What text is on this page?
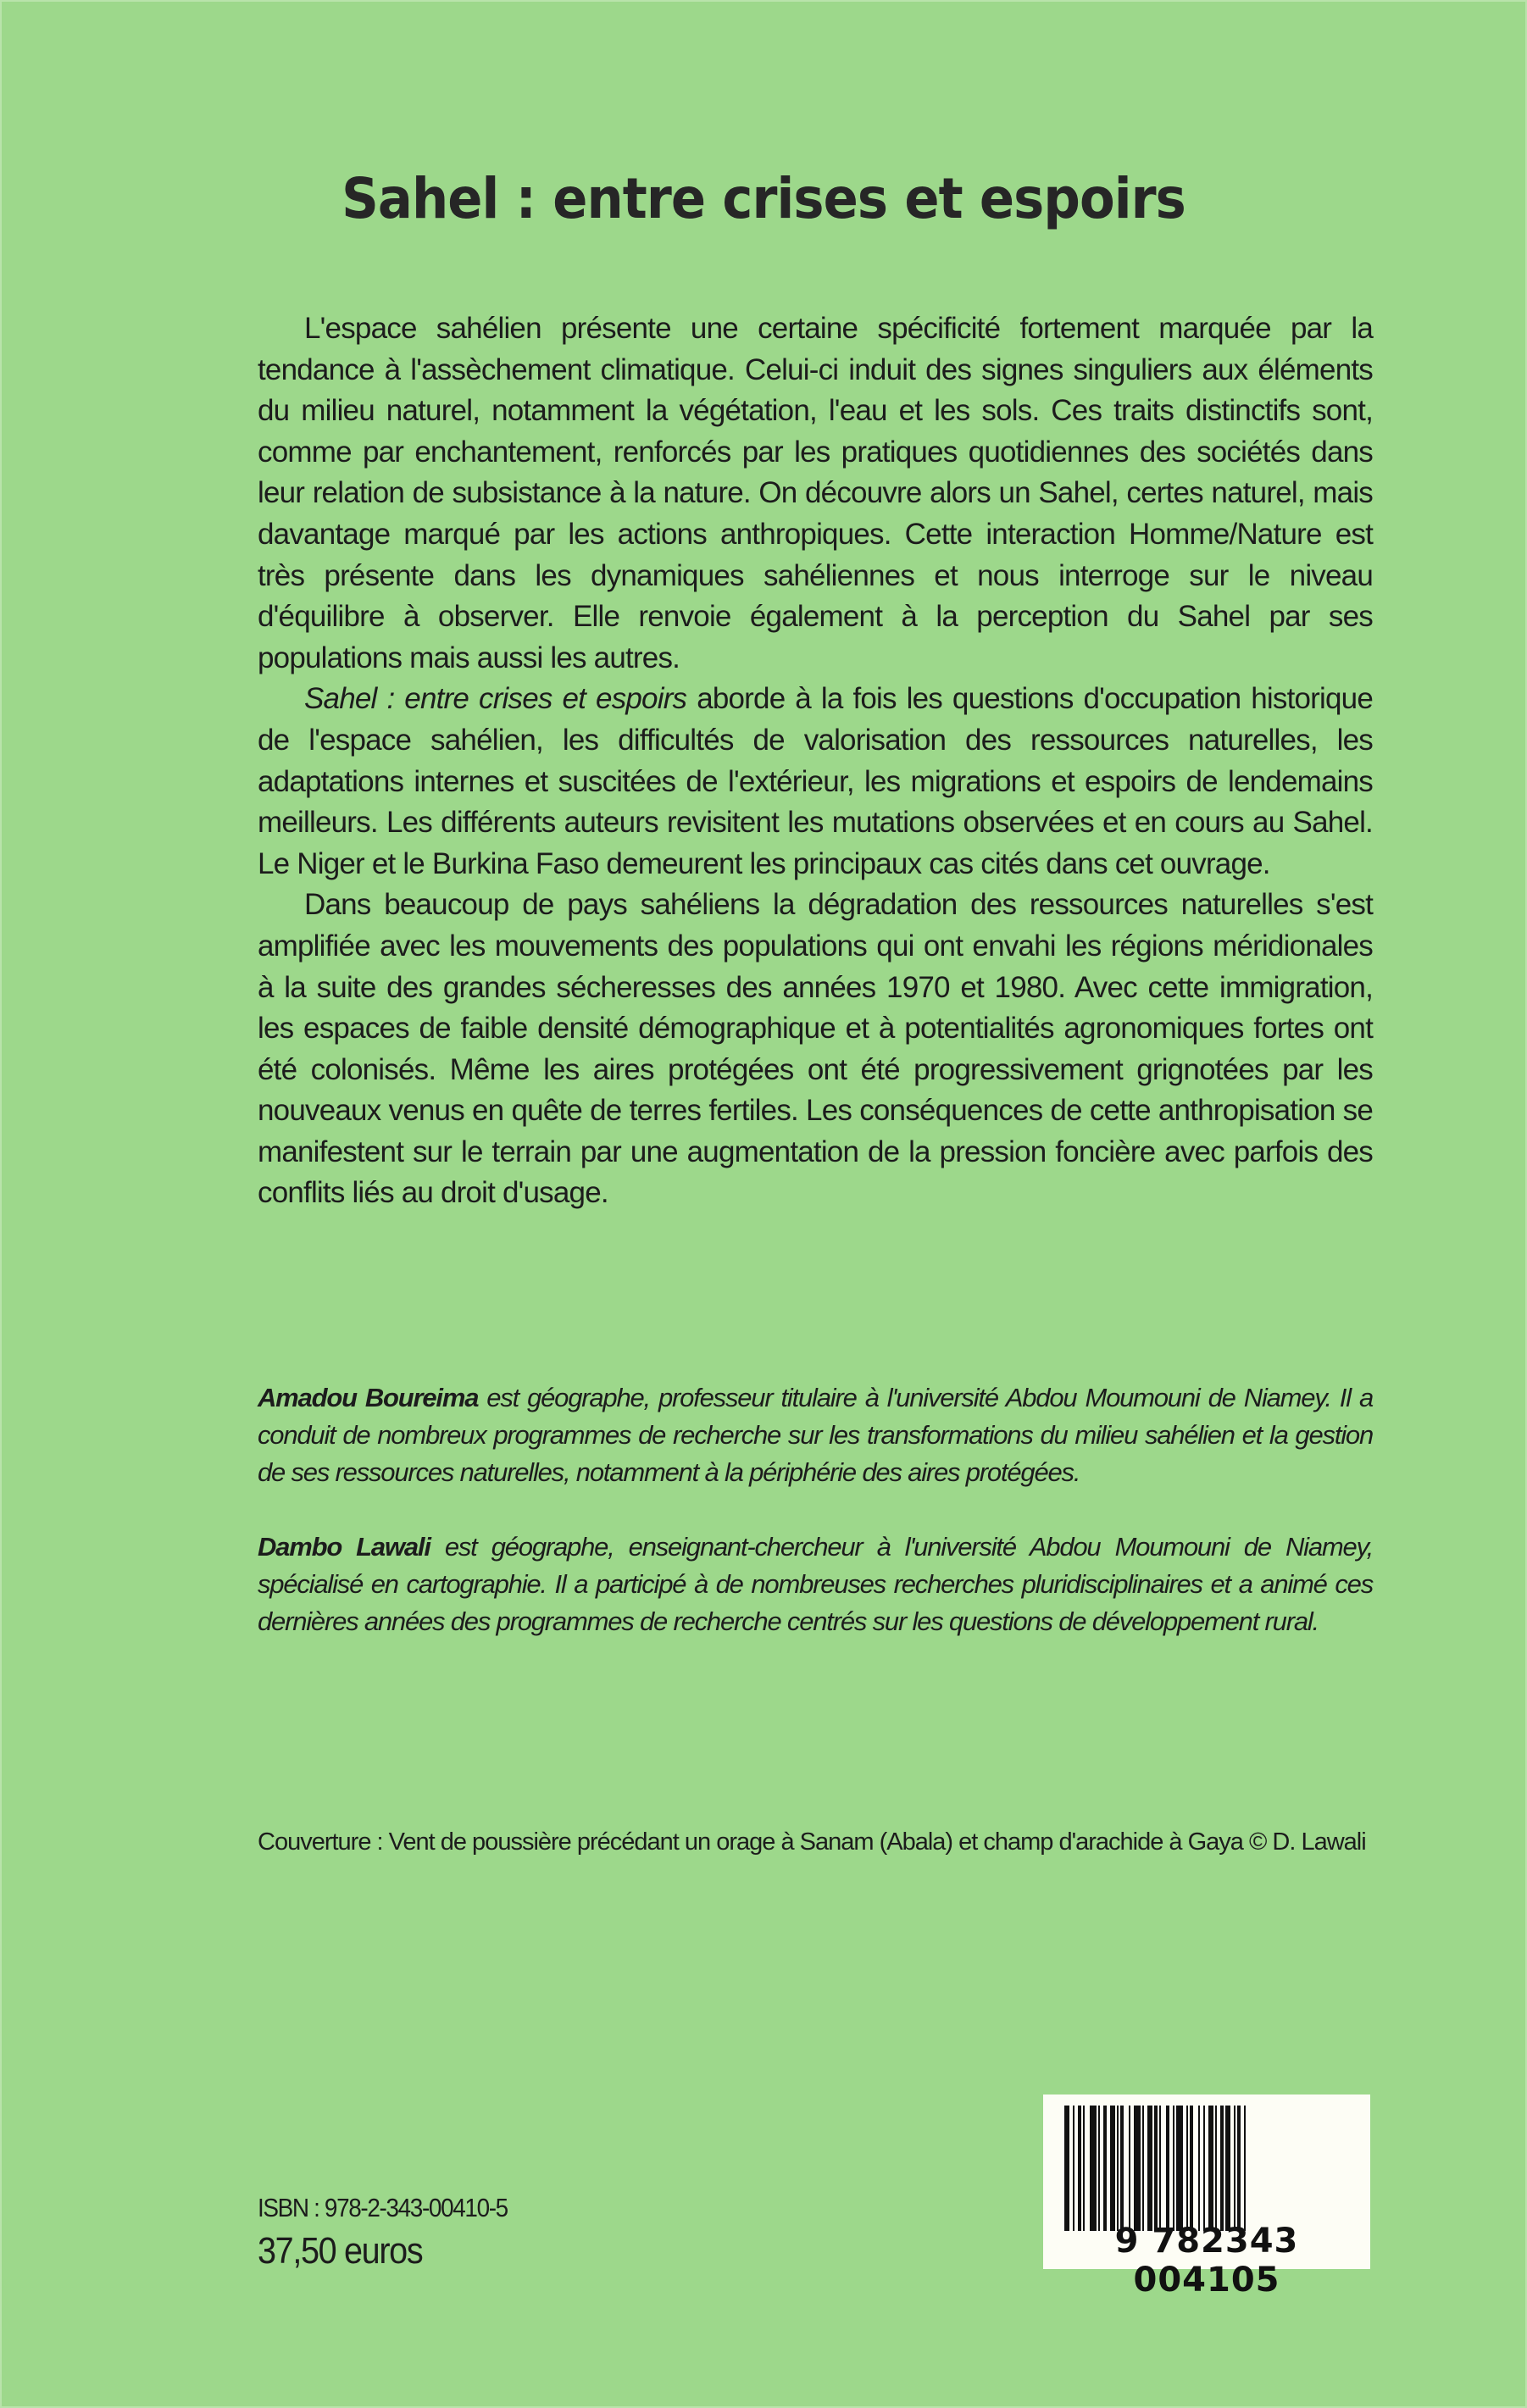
Sahel : entre crises et espoirs

L'espace sahélien présente une certaine spécificité fortement marquée par la tendance à l'assèchement climatique. Celui-ci induit des signes singuliers aux éléments du milieu naturel, notamment la végétation, l'eau et les sols. Ces traits distinctifs sont, comme par enchantement, renforcés par les pratiques quotidiennes des sociétés dans leur relation de subsistance à la nature. On découvre alors un Sahel, certes naturel, mais davantage marqué par les actions anthropiques. Cette interaction Homme/Nature est très présente dans les dynamiques sahéliennes et nous interroge sur le niveau d'équilibre à observer. Elle renvoie également à la perception du Sahel par ses populations mais aussi les autres.

Sahel : entre crises et espoirs aborde à la fois les questions d'occupation historique de l'espace sahélien, les difficultés de valorisation des ressources naturelles, les adaptations internes et suscitées de l'extérieur, les migrations et espoirs de lendemains meilleurs. Les différents auteurs revisitent les mutations observées et en cours au Sahel. Le Niger et le Burkina Faso demeurent les principaux cas cités dans cet ouvrage.

Dans beaucoup de pays sahéliens la dégradation des ressources naturelles s'est amplifiée avec les mouvements des populations qui ont envahi les régions méridionales à la suite des grandes sécheresses des années 1970 et 1980. Avec cette immigration, les espaces de faible densité démographique et à potentialités agronomiques fortes ont été colonisés. Même les aires protégées ont été progressivement grignotées par les nouveaux venus en quête de terres fertiles. Les conséquences de cette anthropisation se manifestent sur le terrain par une augmentation de la pression foncière avec parfois des conflits liés au droit d'usage.

Amadou Boureima est géographe, professeur titulaire à l'université Abdou Moumouni de Niamey. Il a conduit de nombreux programmes de recherche sur les transformations du milieu sahélien et la gestion de ses ressources naturelles, notamment à la périphérie des aires protégées.

Dambo Lawali est géographe, enseignant-chercheur à l'université Abdou Moumouni de Niamey, spécialisé en cartographie. Il a participé à de nombreuses recherches pluridisciplinaires et a animé ces dernières années des programmes de recherche centrés sur les questions de développement rural.

Couverture : Vent de poussière précédant un orage à Sanam (Abala) et champ d'arachide à Gaya © D. Lawali
ISBN : 978-2-343-00410-5
37,50 euros	9 782343 004105
